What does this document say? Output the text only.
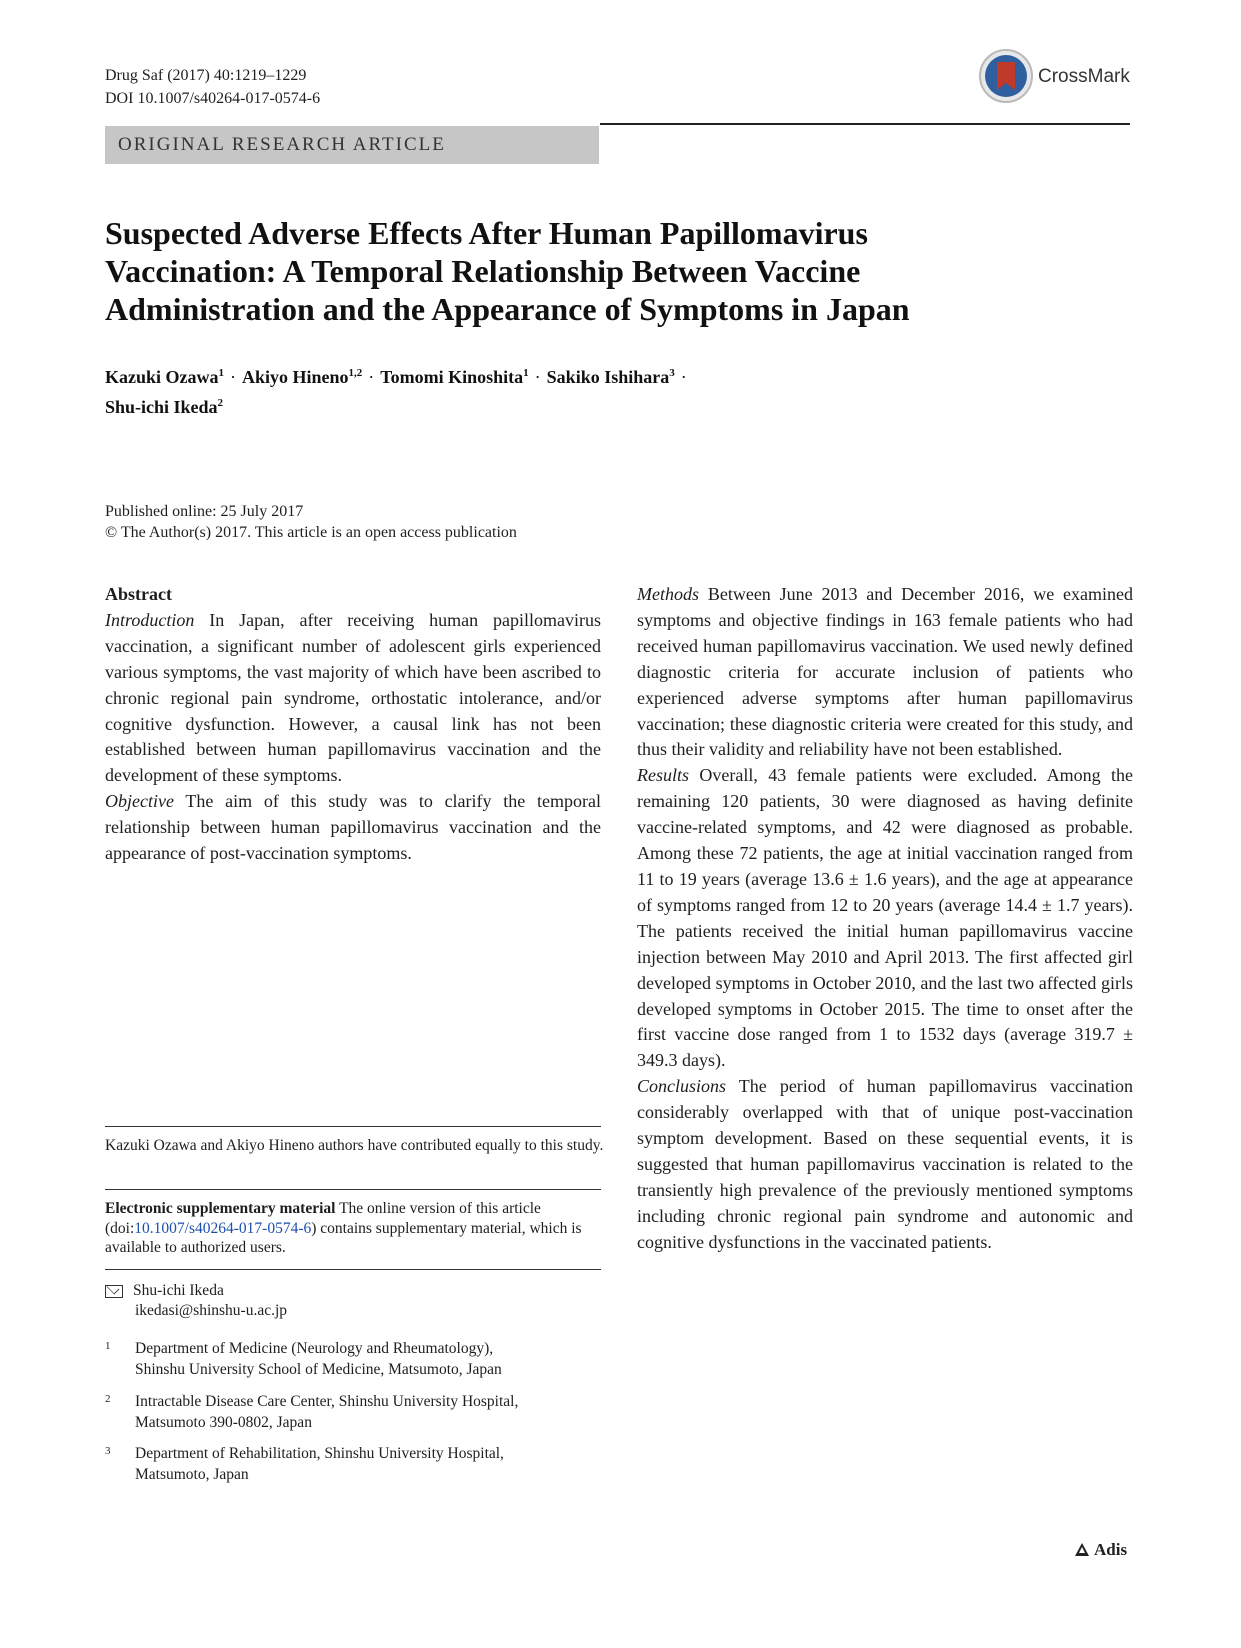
Drug Saf (2017) 40:1219–1229
DOI 10.1007/s40264-017-0574-6
CrossMark
ORIGINAL RESEARCH ARTICLE
Suspected Adverse Effects After Human Papillomavirus
Vaccination: A Temporal Relationship Between Vaccine
Administration and the Appearance of Symptoms in Japan
Kazuki Ozawa$^1$ · Akiyo Hineno$^{1,2}$ · Tomomi Kinoshita$^1$ · Sakiko Ishihara$^3$ ·
Shu-ichi Ikeda$^2$
Published online: 25 July 2017
© The Author(s) 2017. This article is an open access publication
Abstract

Introduction In Japan, after receiving human papillomavirus vaccination, a significant number of adolescent girls experienced various symptoms, the vast majority of which have been ascribed to chronic regional pain syndrome, orthostatic intolerance, and/or cognitive dysfunction. However, a causal link has not been established between human papillomavirus vaccination and the development of these symptoms.

Objective The aim of this study was to clarify the temporal relationship between human papillomavirus vaccination and the appearance of post-vaccination symptoms.

Methods Between June 2013 and December 2016, we examined symptoms and objective findings in 163 female patients who had received human papillomavirus vaccination. We used newly defined diagnostic criteria for accurate inclusion of patients who experienced adverse symptoms after human papillomavirus vaccination; these diagnostic criteria were created for this study, and thus their validity and reliability have not been established.

Results Overall, 43 female patients were excluded. Among the remaining 120 patients, 30 were diagnosed as having definite vaccine-related symptoms, and 42 were diagnosed as probable. Among these 72 patients, the age at initial vaccination ranged from 11 to 19 years (average 13.6 ± 1.6 years), and the age at appearance of symptoms ranged from 12 to 20 years (average 14.4 ± 1.7 years). The patients received the initial human papillomavirus vaccine injection between May 2010 and April 2013. The first affected girl developed symptoms in October 2010, and the last two affected girls developed symptoms in October 2015. The time to onset after the first vaccine dose ranged from 1 to 1532 days (average 319.7 ± 349.3 days).

Conclusions The period of human papillomavirus vaccination considerably overlapped with that of unique post-vaccination symptom development. Based on these sequential events, it is suggested that human papillomavirus vaccination is related to the transiently high prevalence of the previously mentioned symptoms including chronic regional pain syndrome and autonomic and cognitive dysfunctions in the vaccinated patients.

Kazuki Ozawa and Akiyo Hineno authors have contributed equally to this study.
Electronic supplementary material The online version of this article (doi:10.1007/s40264-017-0574-6) contains supplementary material, which is available to authorized users.
Shu-ichi Ikeda
ikedasi@shinshu-u.ac.jp
1	Department of Medicine (Neurology and Rheumatology),
Shinshu University School of Medicine, Matsumoto, Japan
2	Intractable Disease Care Center, Shinshu University Hospital,
Matsumoto 390-0802, Japan
3	Department of Rehabilitation, Shinshu University Hospital,
Matsumoto, Japan
Adis
